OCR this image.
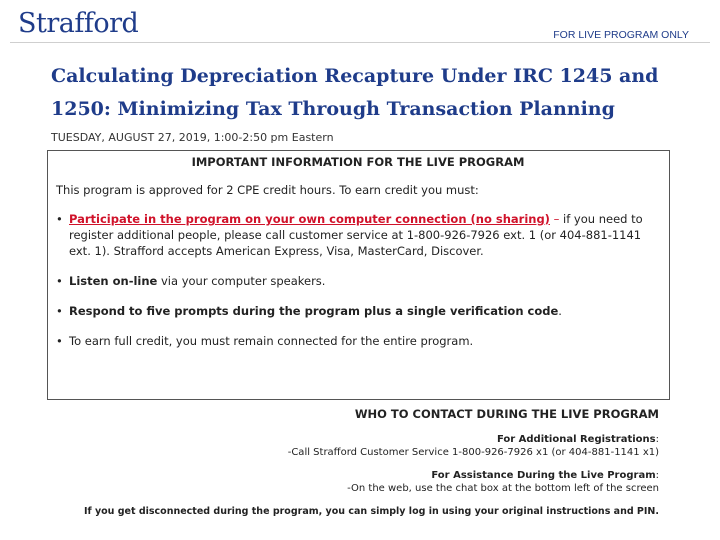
Strafford	FOR LIVE PROGRAM ONLY
Calculating Depreciation Recapture Under IRC 1245 and 1250: Minimizing Tax Through Transaction Planning
TUESDAY, AUGUST 27, 2019, 1:00-2:50 pm Eastern
IMPORTANT INFORMATION FOR THE LIVE PROGRAM
This program is approved for 2 CPE credit hours. To earn credit you must:
• Participate in the program on your own computer connection (no sharing) – if you need to register additional people, please call customer service at 1-800-926-7926 ext. 1 (or 404-881-1141 ext. 1). Strafford accepts American Express, Visa, MasterCard, Discover.
• Listen on-line via your computer speakers.
• Respond to five prompts during the program plus a single verification code.
• To earn full credit, you must remain connected for the entire program.
WHO TO CONTACT DURING THE LIVE PROGRAM
For Additional Registrations:
-Call Strafford Customer Service 1-800-926-7926 x1 (or 404-881-1141 x1)
For Assistance During the Live Program:
-On the web, use the chat box at the bottom left of the screen
If you get disconnected during the program, you can simply log in using your original instructions and PIN.
